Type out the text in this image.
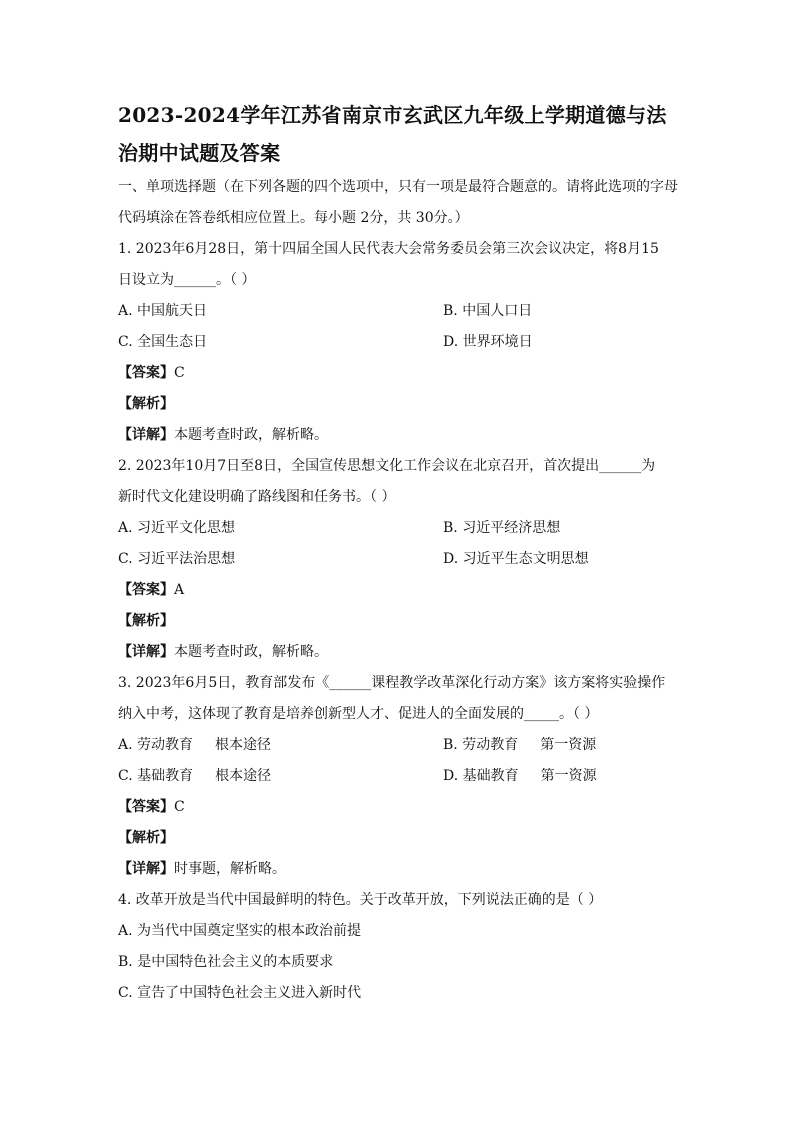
2023-2024学年江苏省南京市玄武区九年级上学期道德与法
治期中试题及答案
一、单项选择题（在下列各题的四个选项中，只有一项是最符合题意的。请将此选项的字母
代码填涂在答卷纸相应位置上。每小题 2分，共 30分。）
1. 2023年6月28日，第十四届全国人民代表大会常务委员会第三次会议决定，将8月15
日设立为______。（ ）
A. 中国航天日	B. 中国人口日
C. 全国生态日	D. 世界环境日
【答案】C
【解析】
【详解】本题考查时政，解析略。
2. 2023年10月7日至8日，全国宣传思想文化工作会议在北京召开，首次提出______为
新时代文化建设明确了路线图和任务书。（ ）
A. 习近平文化思想	B. 习近平经济思想
C. 习近平法治思想	D. 习近平生态文明思想
【答案】A
【解析】
【详解】本题考查时政，解析略。
3. 2023年6月5日，教育部发布《______课程教学改革深化行动方案》该方案将实验操作
纳入中考，这体现了教育是培养创新型人才、促进人的全面发展的_____。（ ）
A. 劳动教育 根本途径	B. 劳动教育 第一资源
C. 基础教育 根本途径	D. 基础教育 第一资源
【答案】C
【解析】
【详解】时事题，解析略。
4. 改革开放是当代中国最鲜明的特色。关于改革开放，下列说法正确的是（ ）
A. 为当代中国奠定坚实的根本政治前提
B. 是中国特色社会主义的本质要求
C. 宣告了中国特色社会主义进入新时代
